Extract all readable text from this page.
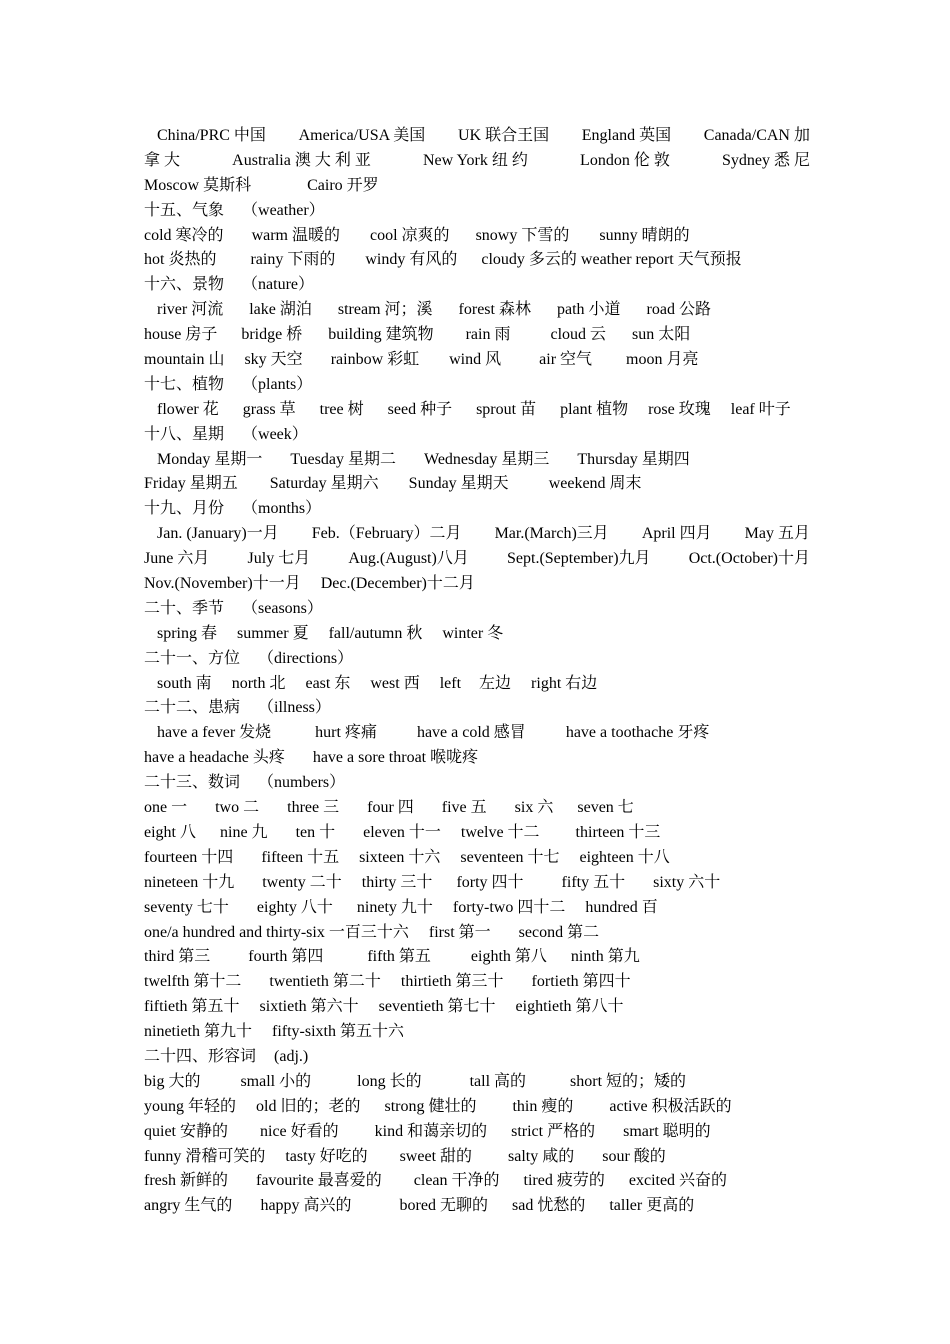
China/PRC 中国 America/USA 美国 UK 联合王国 England 英国 Canada/CAN 加
拿 大	Australia 澳 大 利 亚	New York 纽 约	London 伦 敦	Sydney 悉 尼
Moscow 莫斯科	Cairo 开罗
十五、气象 （weather）
cold 寒冷的 warm 温暖的 cool 凉爽的 snowy 下雪的 sunny 晴朗的
hot 炎热的 rainy 下雨的 windy 有风的 cloudy 多云的 weather report 天气预报
十六、景物 （nature）
river 河流 lake 湖泊 stream 河；溪 forest 森林 path 小道 road 公路
house 房子 bridge 桥 building 建筑物 rain 雨	cloud 云 sun 太阳
mountain 山 sky 天空 rainbow 彩虹 wind 风 air 空气 moon 月亮
十七、植物 （plants）
flower 花 grass 草 tree 树 seed 种子 sprout 苗 plant 植物 rose 玫瑰 leaf 叶子
十八、星期 （week）
Monday 星期一 Tuesday 星期二 Wednesday 星期三 Thursday 星期四
Friday 星期五 Saturday 星期六 Sunday 星期天	weekend 周末
十九、月份 （months）
Jan. (January)一月 Feb.（February）二月 Mar.(March)三月 April 四月 May 五月
June 六月 July 七月 Aug.(August)八月 Sept.(September)九月 Oct.(October)十月
Nov.(November)十一月 Dec.(December)十二月
二十、季节 （seasons）
spring 春 summer 夏 fall/autumn 秋 winter 冬
二十一、方位 （directions）
south 南 north 北 east 东 west 西 left 左边 right 右边
二十二、患病 （illness）
have a fever 发烧	hurt 疼痛	have a cold 感冒	have a toothache 牙疼
have a headache 头疼 have a sore throat 喉咙疼
二十三、数词 （numbers）
one 一 two 二 three 三 four 四 five 五 six 六 seven 七
eight 八 nine 九 ten 十 eleven 十一 twelve 十二 thirteen 十三
fourteen 十四 fifteen 十五 sixteen 十六 seventeen 十七 eighteen 十八
nineteen 十九 twenty 二十 thirty 三十 forty 四十 fifty 五十 sixty 六十
seventy 七十 eighty 八十 ninety 九十 forty-two 四十二 hundred 百
one/a hundred and thirty-six 一百三十六 first 第一 second 第二
third 第三 fourth 第四	fifth 第五	eighth 第八 ninth 第九
twelfth 第十二 twentieth 第二十 thirtieth 第三十 fortieth 第四十
fiftieth 第五十 sixtieth 第六十 seventieth 第七十 eightieth 第八十
ninetieth 第九十 fifty-sixth 第五十六
二十四、形容词 (adj.)
big 大的	small 小的	long 长的	tall 高的	short 短的；矮的
young 年轻的 old 旧的；老的 strong 健壮的 thin 瘦的 active 积极活跃的
quiet 安静的 nice 好看的 kind 和蔼亲切的 strict 严格的 smart 聪明的
funny 滑稽可笑的 tasty 好吃的 sweet 甜的 salty 咸的 sour 酸的
fresh 新鲜的 favourite 最喜爱的 clean 干净的 tired 疲劳的 excited 兴奋的
angry 生气的 happy 高兴的	bored 无聊的 sad 忧愁的 taller 更高的
